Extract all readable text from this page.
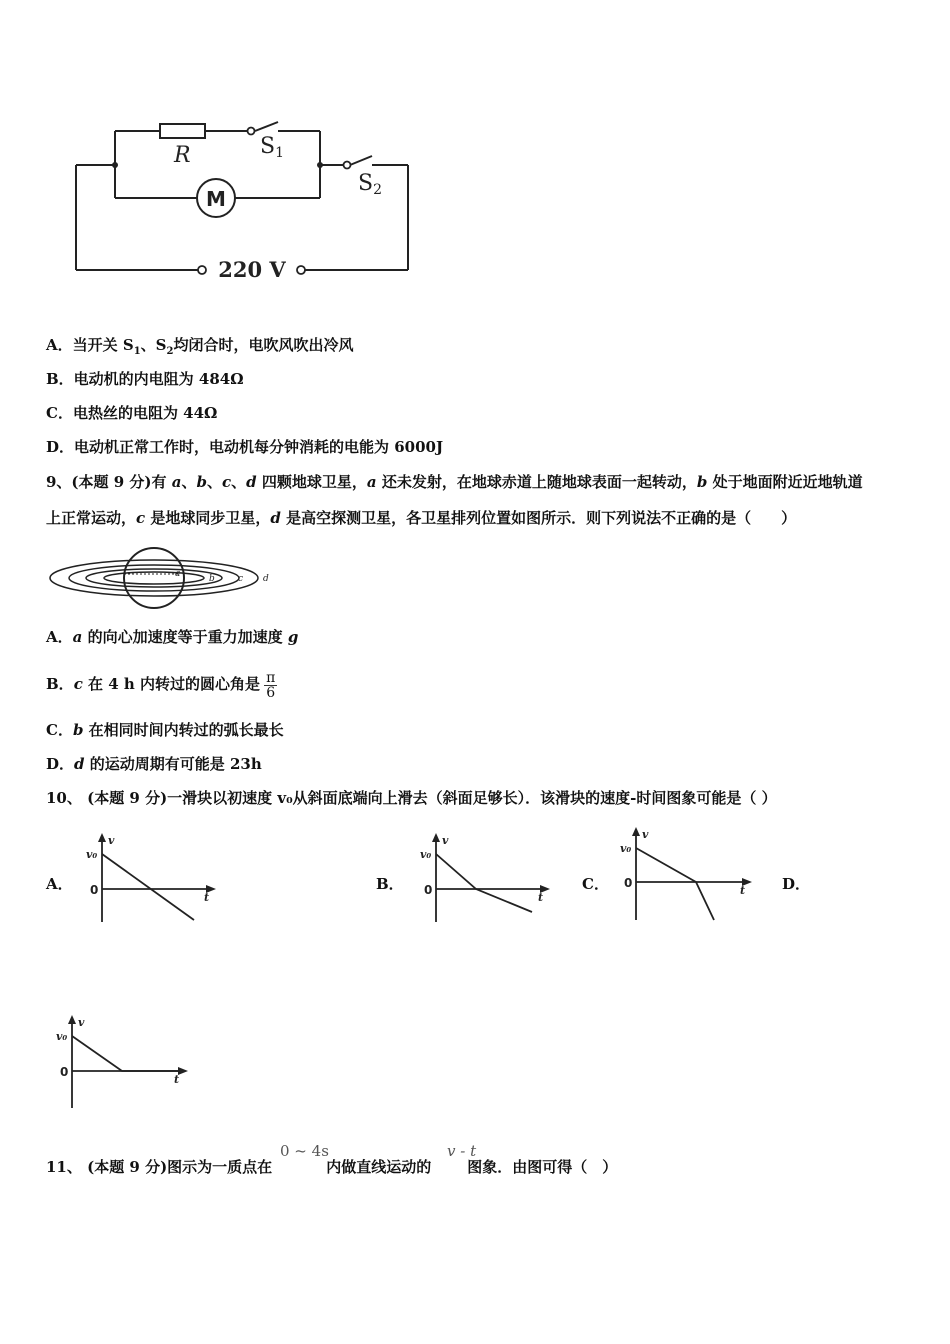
R	S1
S2
M
220 V
A．当开关 $S_1$、$S_2$均闭合时，电吹风吹出冷风
B．电动机的内电阻为 484Ω
C．电热丝的电阻为 44Ω
D．电动机正常工作时，电动机每分钟消耗的电能为 6000J
9、(本题 9 分)有 a、b、c、d 四颗地球卫星，a 还未发射，在地球赤道上随地球表面一起转动，b 处于地面附近近地轨道
上正常运动，c 是地球同步卫星，d 是高空探测卫星，各卫星排列位置如图所示．则下列说法不正确的是（　　）
a	b	c d
A．a 的向心加速度等于重力加速度 g
B．c 在 4 h 内转过的圆心角是 $\frac{\pi}{6}$
C．b 在相同时间内转过的弧长最长
D．d 的运动周期有可能是 23h
10、 (本题 9 分)一滑块以初速度 v₀从斜面底端向上滑去（斜面足够长）．该滑块的速度-时间图象可能是（ ）
A．	B．	C．	D．
v
v₀
t
0
v
v₀
t
0
v
v₀
t
0
v
v₀
t
0
11、 (本题 9 分)图示为一质点在	内做直线运动的 图象．由图可得（　）
0 ~ 4s	v - t
